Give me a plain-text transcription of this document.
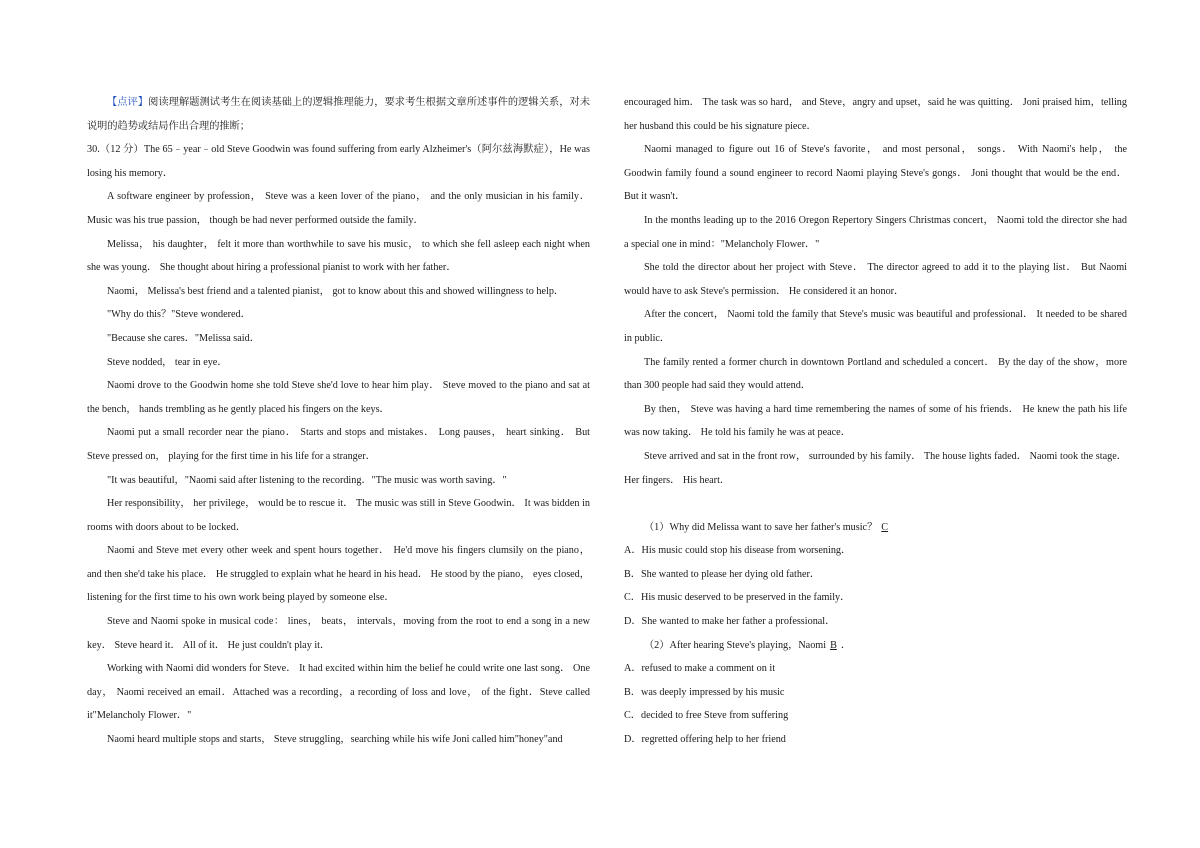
【点评】阅读理解题测试考生在阅读基础上的逻辑推理能力，要求考生根据文章所述事件的逻辑关系，对未说明的趋势或结局作出合理的推断；

30.（12 分）The 65﹣year﹣old Steve Goodwin was found suffering from early Alzheimer's（阿尔兹海默症），He was losing his memory．

A software engineer by profession， Steve was a keen lover of the piano， and the only musician in his family． Music was his true passion， though be had never performed outside the family．

Melissa， his daughter， felt it more than worthwhile to save his music， to which she fell asleep each night when she was young． She thought about hiring a professional pianist to work with her father．

Naomi， Melissa's best friend and a talented pianist， got to know about this and showed willingness to help．

"Why do this？"Steve wondered．

"Because she cares．"Melissa said．

Steve nodded， tear in eye．

Naomi drove to the Goodwin home she told Steve she'd love to hear him play． Steve moved to the piano and sat at the bench， hands trembling as he gently placed his fingers on the keys．

Naomi put a small recorder near the piano． Starts and stops and mistakes． Long pauses， heart sinking． But Steve pressed on， playing for the first time in his life for a stranger．

"It was beautiful，"Naomi said after listening to the recording．"The music was worth saving．"

Her responsibility， her privilege， would be to rescue it． The music was still in Steve Goodwin． It was bidden in rooms with doors about to be locked．

Naomi and Steve met every other week and spent hours together． He'd move his fingers clumsily on the piano， and then she'd take his place． He struggled to explain what he heard in his head． He stood by the piano， eyes closed， listening for the first time to his own work being played by someone else．

Steve and Naomi spoke in musical code： lines， beats， intervals，moving from the root to end a song in a new key． Steve heard it． All of it． He just couldn't play it．

Working with Naomi did wonders for Steve． It had excited within him the belief he could write one last song． One day， Naomi received an email．Attached was a recording，a recording of loss and love， of the fight．Steve called it"Melancholy Flower．"

Naomi heard multiple stops and starts， Steve struggling，searching while his wife Joni called him"honey"and

encouraged him． The task was so hard， and Steve，angry and upset，said he was quitting． Joni praised him，telling her husband this could be his signature piece．

Naomi managed to figure out 16 of Steve's favorite， and most personal， songs． With Naomi's help， the Goodwin family found a sound engineer to record Naomi playing Steve's gongs． Joni thought that would be the end． But it wasn't．

In the months leading up to the 2016 Oregon Repertory Singers Christmas concert， Naomi told the director she had a special one in mind："Melancholy Flower．"

She told the director about her project with Steve． The director agreed to add it to the playing list． But Naomi would have to ask Steve's permission． He considered it an honor．

After the concert， Naomi told the family that Steve's music was beautiful and professional． It needed to be shared in public．

The family rented a former church in downtown Portland and scheduled a concert． By the day of the show，more than 300 people had said they would attend．

By then， Steve was having a hard time remembering the names of some of his friends． He knew the path his life was now taking． He told his family he was at peace．

Steve arrived and sat in the front row， surrounded by his family． The house lights faded． Naomi took the stage． Her fingers． His heart．

（1）Why did Melissa want to save her father's music？ C

A．His music could stop his disease from worsening．

B．She wanted to please her dying old father．

C．His music deserved to be preserved in the family．

D．She wanted to make her father a professional．

（2）After hearing Steve's playing，Naomi B ．

A．refused to make a comment on it

B．was deeply impressed by his music

C．decided to free Steve from suffering

D．regretted offering help to her friend
